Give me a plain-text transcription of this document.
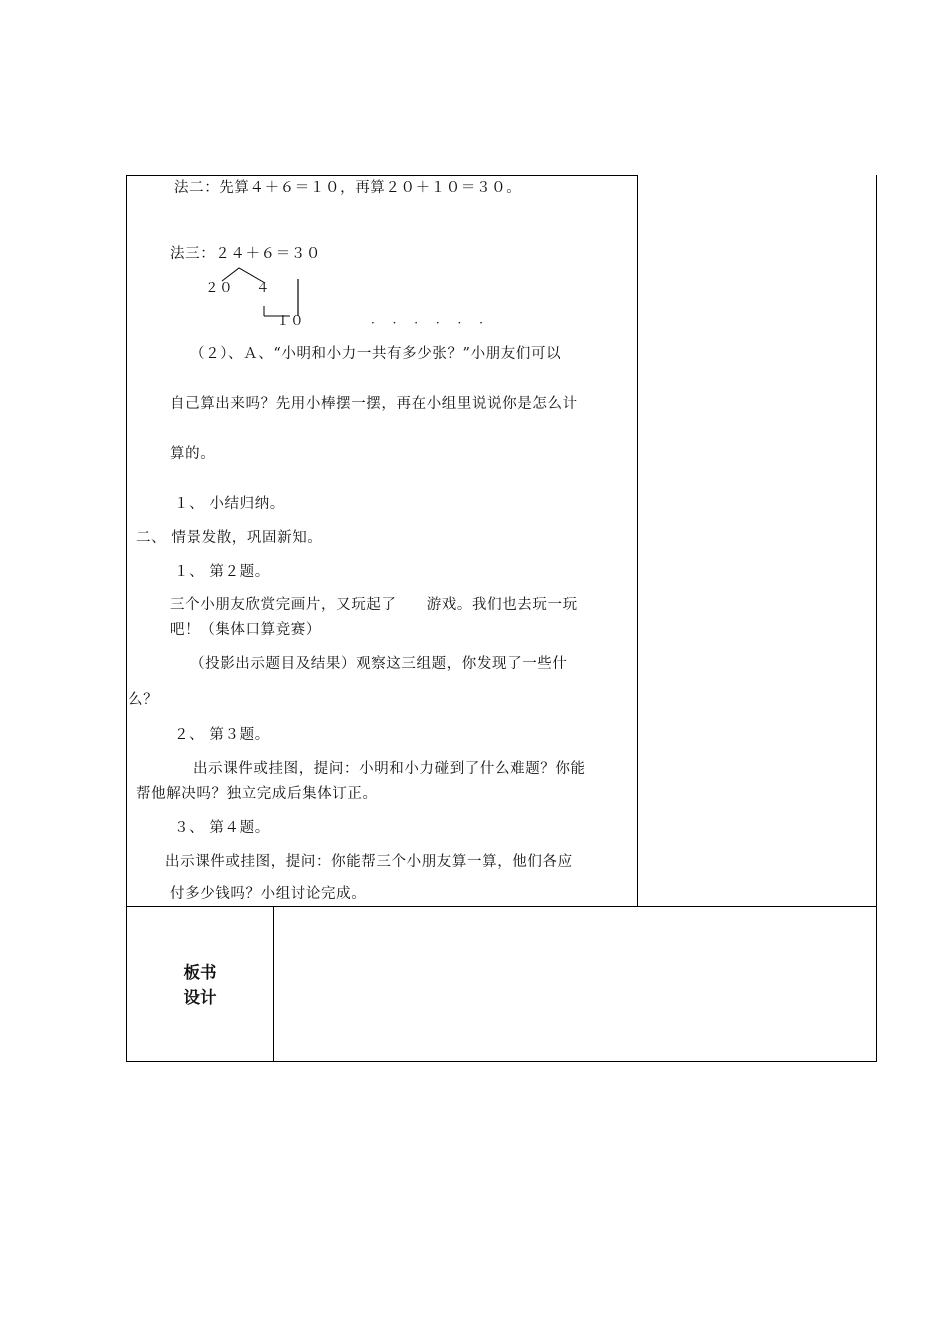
法二：先算４＋６＝１０，再算２０＋１０＝３０。
法三：２４＋６＝３０
２０ ４
１０	· · · · · ·
（２）、Ａ、“小明和小力一共有多少张？”小朋友们可以
自己算出来吗？先用小棒摆一摆，再在小组里说说你是怎么计
算的。
１、 小结归纳。
二、 情景发散，巩固新知。
１、 第２题。
三个小朋友欣赏完画片，又玩起了　　游戏。我们也去玩一玩
吧！（集体口算竞赛）
（投影出示题目及结果）观察这三组题，你发现了一些什
么？
２、 第３题。
出示课件或挂图，提问：小明和小力碰到了什么难题？你能
帮他解决吗？独立完成后集体订正。
３、 第４题。
出示课件或挂图，提问：你能帮三个小朋友算一算，他们各应
付多少钱吗？小组讨论完成。
板书
设计
